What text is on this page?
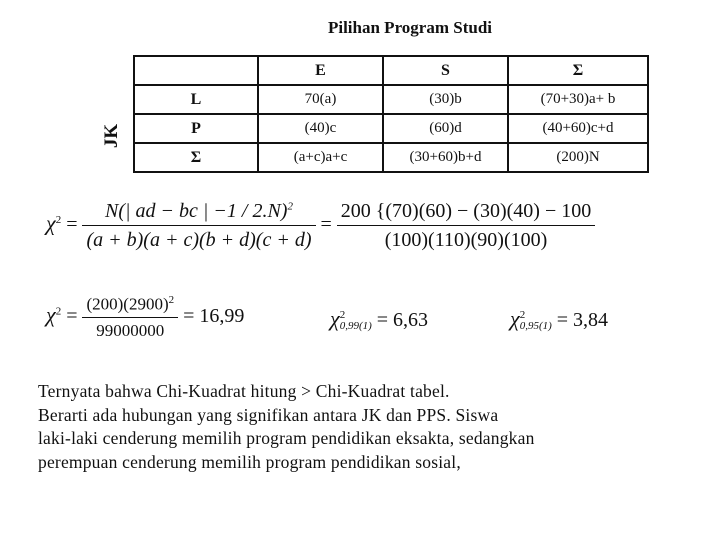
Pilihan Program Studi
JK
	E	S	Σ
L	70(a)	(30)b	(70+30)a+ b
P	(40)c	(60)d	(40+60)c+d
Σ	(a+c)a+c	(30+60)b+d	(200)N
$\chi^2 = \frac{N(| ad - bc | -1 / 2.N)^2}{(a + b)(a + c)(b + d)(c + d)} = \frac{200 \{(70)(60) - (30)(40) - 100}{(100)(110)(90)(100)}$
$\chi^2 = \frac{(200)(2900)^2}{99000000} = 16,99$	χ 2
0,99(1) = 6,63	χ 2
0,95(1) = 3,84
Ternyata bahwa Chi-Kuadrat hitung > Chi-Kuadrat tabel.
Berarti ada hubungan yang signifikan antara JK dan PPS. Siswa
laki-laki cenderung memilih program pendidikan eksakta, sedangkan
perempuan cenderung memilih program pendidikan sosial,
